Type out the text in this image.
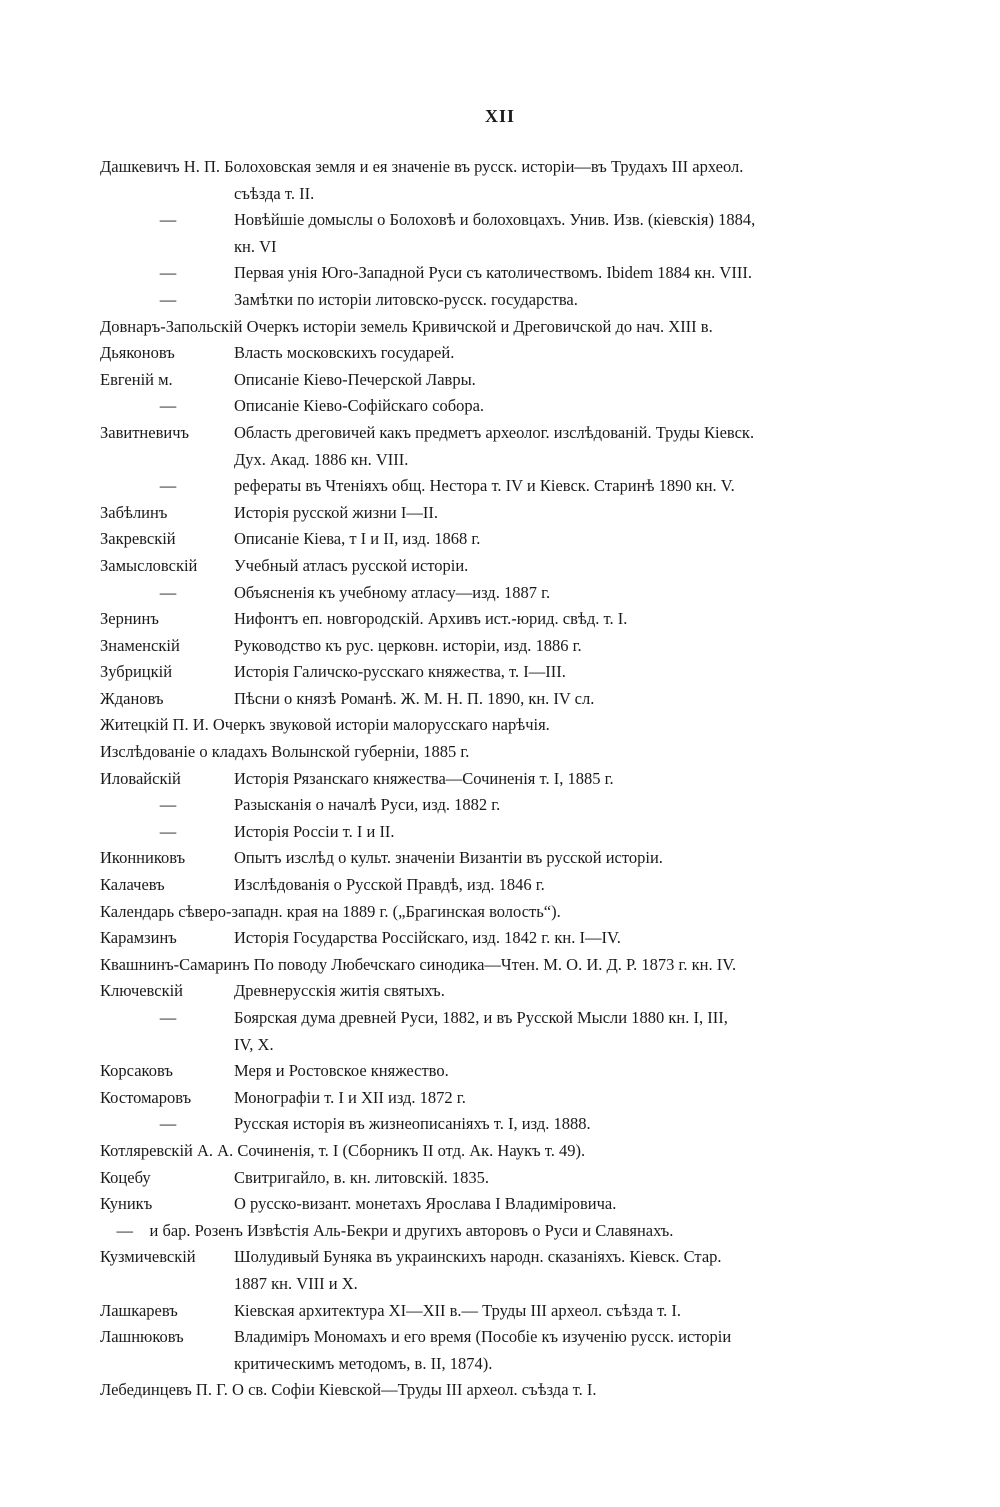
XII
Дашкевичъ Н. П. Болоховская земля и ея значеніе въ русск. исторіи—въ Трудахъ III археол.
съѣзда т. II.
—	Новѣйшіе домыслы о Болоховѣ и болоховцахъ. Унив. Изв. (кіевскія) 1884,
кн. VI
—	Первая унія Юго-Западной Руси съ католичествомъ. Ibidem 1884 кн. VIII.
—	Замѣтки по исторіи литовско-русск. государства.
Довнаръ-Запольскій Очеркъ исторіи земель Кривичской и Дреговичской до нач. XIII в.
Дьяконовъ	Власть московскихъ государей.
Евгеній м.	Описаніе Кіево-Печерской Лавры.
—	Описаніе Кіево-Софійскаго собора.
Завитневичъ	Область дреговичей какъ предметъ археолог. изслѣдованій. Труды Кіевск.
Дух. Акад. 1886 кн. VIII.
—	рефераты въ Чтеніяхъ общ. Нестора т. IV и Кіевск. Старинѣ 1890 кн. V.
Забѣлинъ	Исторія русской жизни I—II.
Закревскій	Описаніе Кіева, т I и II, изд. 1868 г.
Замысловскій Учебный атласъ русской исторіи.
—	Объясненія къ учебному атласу—изд. 1887 г.
Зернинъ	Нифонтъ еп. новгородскій. Архивъ ист.-юрид. свѣд. т. I.
Знаменскій	Руководство къ рус. церковн. исторіи, изд. 1886 г.
Зубрицкій	Исторія Галичско-русскаго княжества, т. I—III.
Ждановъ	Пѣсни о князѣ Романѣ. Ж. М. Н. П. 1890, кн. IV сл.
Житецкій П. И. Очеркъ звуковой исторіи малорусскаго нарѣчія.
Изслѣдованіе о кладахъ Волынской губерніи, 1885 г.
Иловайскій	Исторія Рязанскаго княжества—Сочиненія т. I, 1885 г.
—	Разысканія о началѣ Руси, изд. 1882 г.
—	Исторія Россіи т. I и II.
Иконниковъ	Опытъ изслѣд о культ. значеніи Византіи въ русской исторіи.
Калачевъ	Изслѣдованія о Русской Правдѣ, изд. 1846 г.
Календарь сѣверо-западн. края на 1889 г. („Брагинская волость“).
Карамзинъ	Исторія Государства Россійскаго, изд. 1842 г. кн. I—IV.
Квашнинъ-Самаринъ По поводу Любечскаго синодика—Чтен. М. О. И. Д. Р. 1873 г. кн. IV.
Ключевскій	Древнерусскія житія святыхъ.
—	Боярская дума древней Руси, 1882, и въ Русской Мысли 1880 кн. I, III,
IV, X.
Корсаковъ	Меря и Ростовское княжество.
Костомаровъ	Монографіи т. I и XII изд. 1872 г.
—	Русская исторія въ жизнеописаніяхъ т. I, изд. 1888.
Котляревскій А. А. Сочиненія, т. I (Сборникъ II отд. Ак. Наукъ т. 49).
Коцебу	Свитригайло, в. кн. литовскій. 1835.
Куникъ	О русско-визант. монетахъ Ярослава I Владиміровича.
—    и бар. Розенъ Извѣстія Аль-Бекри и другихъ авторовъ о Руси и Славянахъ.
Кузмичевскій Шолудивый Буняка въ украинскихъ народн. сказаніяхъ. Кіевск. Стар.
1887 кн. VIII и X.
Лашкаревъ	Кіевская архитектура XI—XII в.— Труды III археол. съѣзда т. I.
Лашнюковъ	Владиміръ Мономахъ и его время (Пособіе къ изученію русск. исторіи
критическимъ методомъ, в. II, 1874).
Лебединцевъ П. Г. О св. Софіи Кіевской—Труды III археол. съѣзда т. I.
